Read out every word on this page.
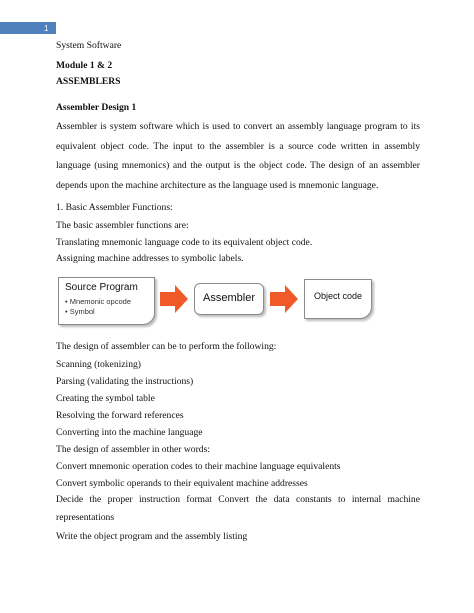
1
System Software
Module 1 & 2
ASSEMBLERS
Assembler Design 1
Assembler is system software which is used to convert an assembly language program to its equivalent object code. The input to the assembler is a source code written in assembly language (using mnemonics) and the output is the object code. The design of an assembler depends upon the machine architecture as the language used is mnemonic language.
1. Basic Assembler Functions:
The basic assembler functions are:
Translating mnemonic language code to its equivalent object code.
Assigning machine addresses to symbolic labels.
Source Program
• Mnemonic opcode
• Symbol
Assembler	Object code
The design of assembler can be to perform the following:
Scanning (tokenizing)
Parsing (validating the instructions)
Creating the symbol table
Resolving the forward references
Converting into the machine language
The design of assembler in other words:
Convert mnemonic operation codes to their machine language equivalents
Convert symbolic operands to their equivalent machine addresses
Decide the proper instruction format Convert the data constants to internal machine representations
Write the object program and the assembly listing
